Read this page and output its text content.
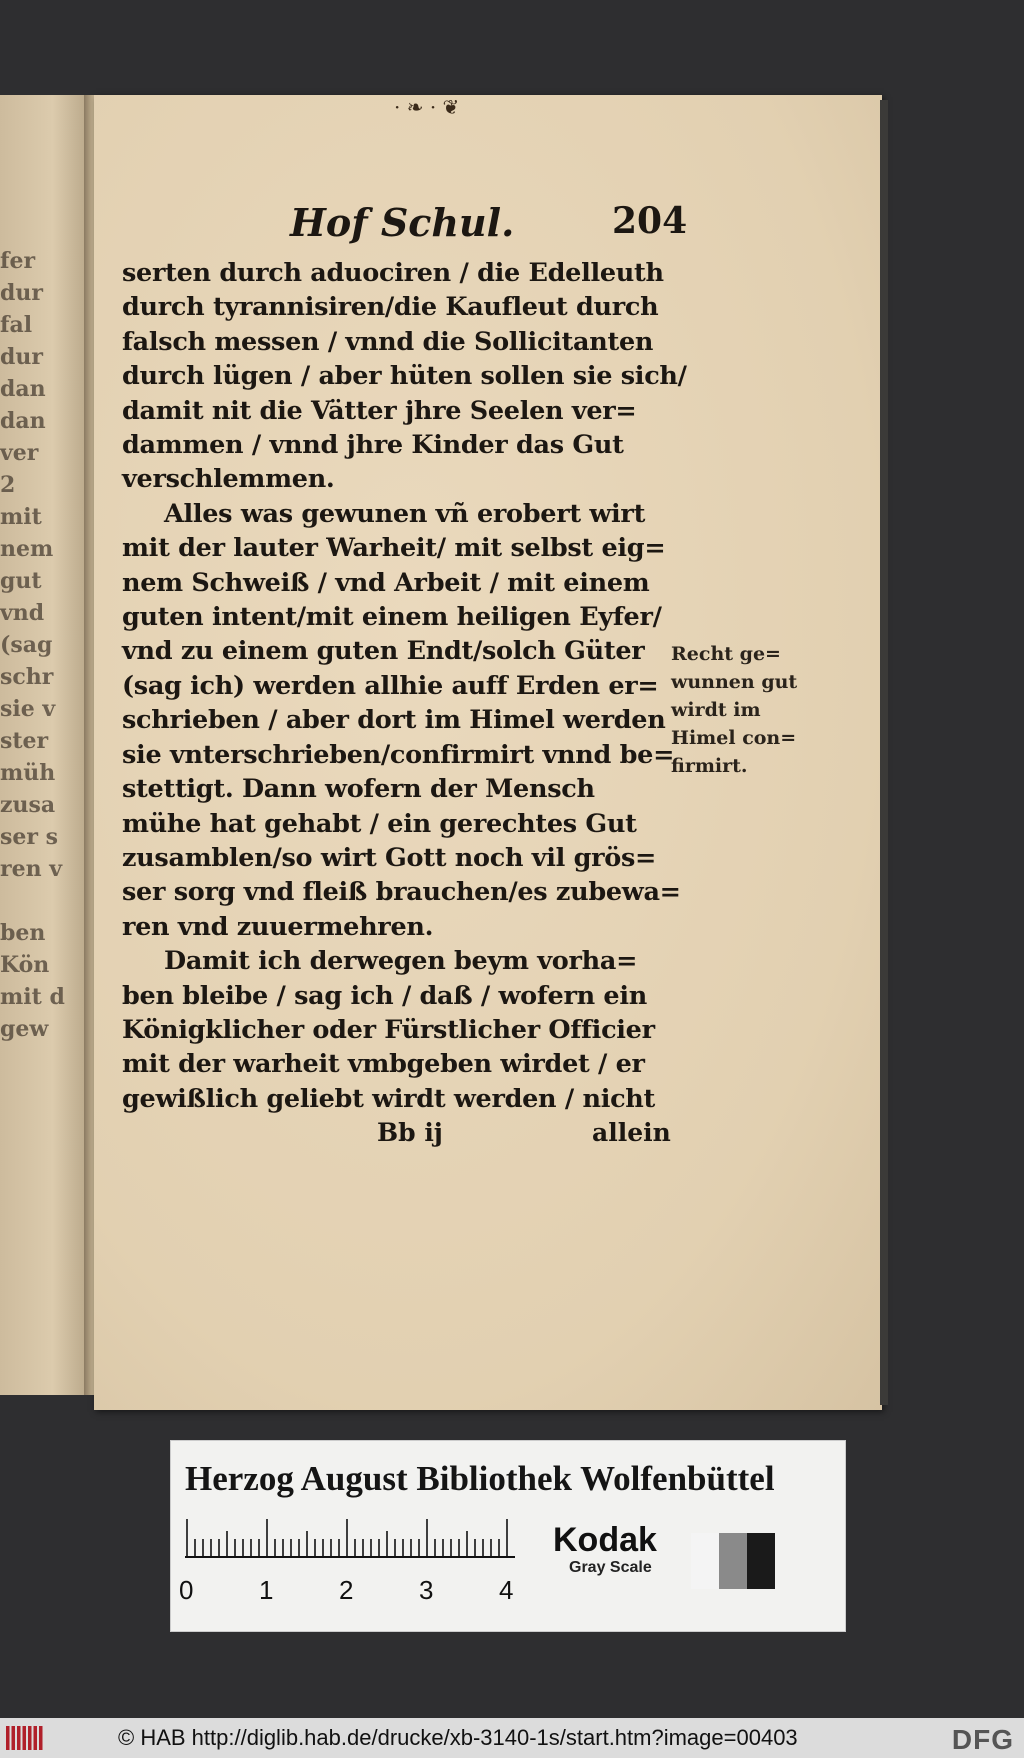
fer
dur
fal
dur
dan
dan
ver
2
mit
nem
gut
vnd
(sag
schr
sie v
ster
müh
zusa
ser s
ren v

ben
Kön
mit d
gew
· ❧ · ❦
Hof Schul.	204
serten durch aduociren / die Edelleuth
durch tyrannisiren/die Kaufleut durch
falsch messen / vnnd die Sollicitanten
durch lügen / aber hüten sollen sie sich/
damit nit die Vätter jhre Seelen ver=
dammen / vnnd jhre Kinder das Gut
verschlemmen.
Alles was gewunen vñ erobert wirt
mit der lauter Warheit/ mit selbst eig=
nem Schweiß / vnd Arbeit / mit einem
guten intent/mit einem heiligen Eyfer/
vnd zu einem guten Endt/solch Güter
(sag ich) werden allhie auff Erden er=
schrieben / aber dort im Himel werden
sie vnterschrieben/confirmirt vnnd be=
stettigt. Dann wofern der Mensch
mühe hat gehabt / ein gerechtes Gut
zusamblen/so wirt Gott noch vil grös=
ser sorg vnd fleiß brauchen/es zubewa=
ren vnd zuuermehren.
Damit ich derwegen beym vorha=
ben bleibe / sag ich / daß / wofern ein
Königklicher oder Fürstlicher Officier
mit der warheit vmbgeben wirdet / er
gewißlich geliebt wirdt werden / nicht
Bb ij	allein
Recht ge=
wunnen gut
wirdt im
Himel con=
firmirt.
Herzog August Bibliothek Wolfenbüttel
0	1	2	3	4
Kodak
Gray Scale
© HAB http://diglib.hab.de/drucke/xb-3140-1s/start.htm?image=00403	DFG
